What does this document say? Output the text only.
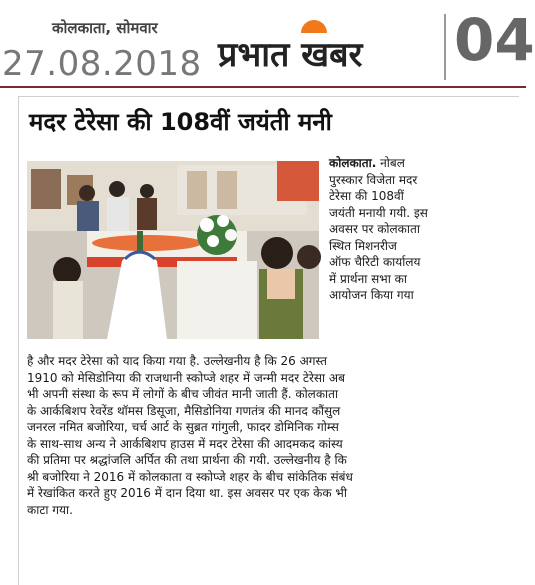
कोलकाता, सोमवार
27.08.2018 प्रभात खबर 04
मदर टेरेसा की 108वीं जयंती मनी
कोलकाता. नोबल
पुरस्कार विजेता मदर
टेरेसा की 108वीं
जयंती मनायी गयी. इस
अवसर पर कोलकाता
स्थित मिशनरीज
ऑफ चैरिटी कार्यालय
में प्रार्थना सभा का
आयोजन किया गया
है और मदर टेरेसा को याद किया गया है. उल्लेखनीय है कि 26 अगस्त
1910 को मेसिडोनिया की राजधानी स्कोप्जे शहर में जन्मी मदर टेरेसा अब
भी अपनी संस्था के रूप में लोगों के बीच जीवंत मानी जाती हैं. कोलकाता
के आर्कबिशप रेवरेंड थॉमस डिसूजा, मैसिडोनिया गणतंत्र की मानद कौंसुल
जनरल नमित बजोरिया, चर्च आर्ट के सुब्रत गांगुली, फादर डोमिनिक गोम्स
के साथ-साथ अन्य ने आर्कबिशप हाउस में मदर टेरेसा की आदमकद कांस्य
की प्रतिमा पर श्रद्धांजलि अर्पित की तथा प्रार्थना की गयी. उल्लेखनीय है कि
श्री बजोरिया ने 2016 में कोलकाता व स्कोप्जे शहर के बीच सांकेतिक संबंध
में रेखांकित करते हुए 2016 में दान दिया था. इस अवसर पर एक केक भी
काटा गया.
